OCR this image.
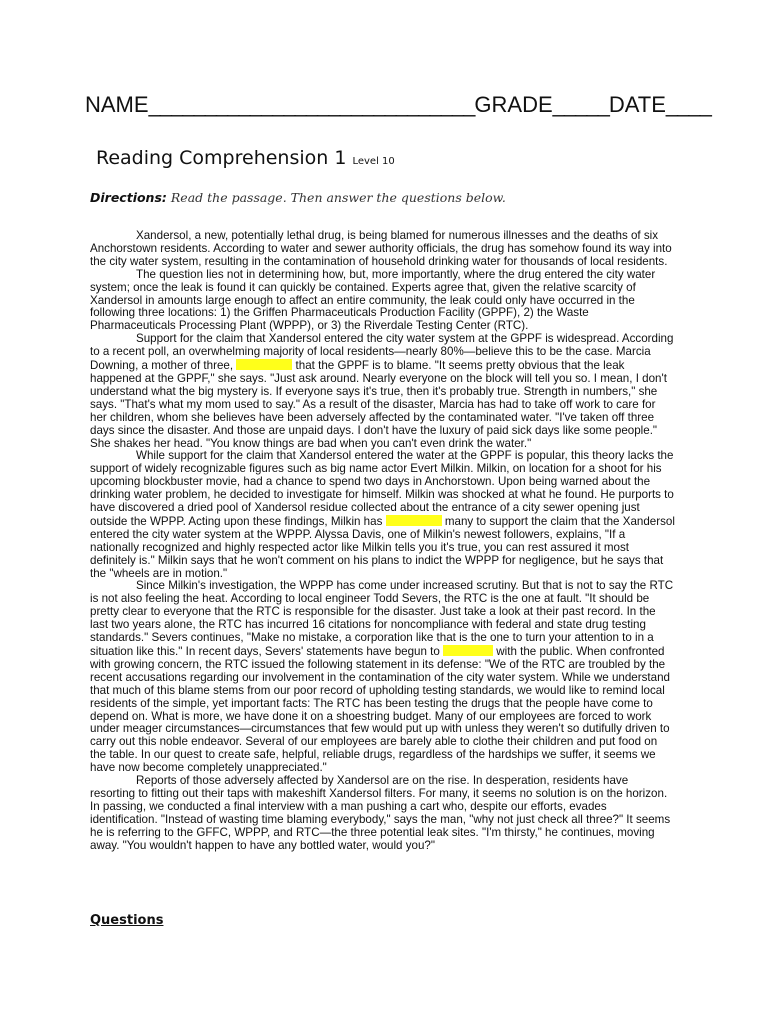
NAME_____________________________GRADE_____DATE____
Reading Comprehension 1 Level 10
Directions: Read the passage. Then answer the questions below.

Xandersol, a new, potentially lethal drug, is being blamed for numerous illnesses and the deaths of six Anchorstown residents. According to water and sewer authority officials, the drug has somehow found its way into the city water system, resulting in the contamination of household drinking water for thousands of local residents.

The question lies not in determining how, but, more importantly, where the drug entered the city water system; once the leak is found it can quickly be contained. Experts agree that, given the relative scarcity of Xandersol in amounts large enough to affect an entire community, the leak could only have occurred in the following three locations: 1) the Griffen Pharmaceuticals Production Facility (GPPF), 2) the Waste Pharmaceuticals Processing Plant (WPPP), or 3) the Riverdale Testing Center (RTC).

Support for the claim that Xandersol entered the city water system at the GPPF is widespread. According to a recent poll, an overwhelming majority of local residents—nearly 80%—believe this to be the case. Marcia Downing, a mother of three,	that the GPPF is to blame. "It seems pretty obvious that the leak happened at the GPPF," she says. "Just ask around. Nearly everyone on the block will tell you so. I mean, I don't understand what the big mystery is. If everyone says it's true, then it's probably true. Strength in numbers," she says. "That's what my mom used to say." As a result of the disaster, Marcia has had to take off work to care for her children, whom she believes have been adversely affected by the contaminated water. "I've taken off three days since the disaster. And those are unpaid days. I don't have the luxury of paid sick days like some people." She shakes her head. "You know things are bad when you can't even drink the water."

While support for the claim that Xandersol entered the water at the GPPF is popular, this theory lacks the support of widely recognizable figures such as big name actor Evert Milkin. Milkin, on location for a shoot for his upcoming blockbuster movie, had a chance to spend two days in Anchorstown. Upon being warned about the drinking water problem, he decided to investigate for himself. Milkin was shocked at what he found. He purports to have discovered a dried pool of Xandersol residue collected about the entrance of a city sewer opening just outside the WPPP. Acting upon these findings, Milkin has	many to support the claim that the Xandersol entered the city water system at the WPPP. Alyssa Davis, one of Milkin's newest followers, explains, "If a nationally recognized and highly respected actor like Milkin tells you it's true, you can rest assured it most definitely is." Milkin says that he won't comment on his plans to indict the WPPP for negligence, but he says that the "wheels are in motion."

Since Milkin's investigation, the WPPP has come under increased scrutiny. But that is not to say the RTC is not also feeling the heat. According to local engineer Todd Severs, the RTC is the one at fault. "It should be pretty clear to everyone that the RTC is responsible for the disaster. Just take a look at their past record. In the last two years alone, the RTC has incurred 16 citations for noncompliance with federal and state drug testing standards." Severs continues, "Make no mistake, a corporation like that is the one to turn your attention to in a situation like this." In recent days, Severs' statements have begun to	with the public. When confronted with growing concern, the RTC issued the following statement in its defense: "We of the RTC are troubled by the recent accusations regarding our involvement in the contamination of the city water system. While we understand that much of this blame stems from our poor record of upholding testing standards, we would like to remind local residents of the simple, yet important facts: The RTC has been testing the drugs that the people have come to depend on. What is more, we have done it on a shoestring budget. Many of our employees are forced to work under meager circumstances—circumstances that few would put up with unless they weren't so dutifully driven to carry out this noble endeavor. Several of our employees are barely able to clothe their children and put food on the table. In our quest to create safe, helpful, reliable drugs, regardless of the hardships we suffer, it seems we have now become completely unappreciated."

Reports of those adversely affected by Xandersol are on the rise. In desperation, residents have resorting to fitting out their taps with makeshift Xandersol filters. For many, it seems no solution is on the horizon. In passing, we conducted a final interview with a man pushing a cart who, despite our efforts, evades identification. "Instead of wasting time blaming everybody," says the man, "why not just check all three?" It seems he is referring to the GFFC, WPPP, and RTC—the three potential leak sites. "I'm thirsty," he continues, moving away. "You wouldn't happen to have any bottled water, would you?"

Questions
